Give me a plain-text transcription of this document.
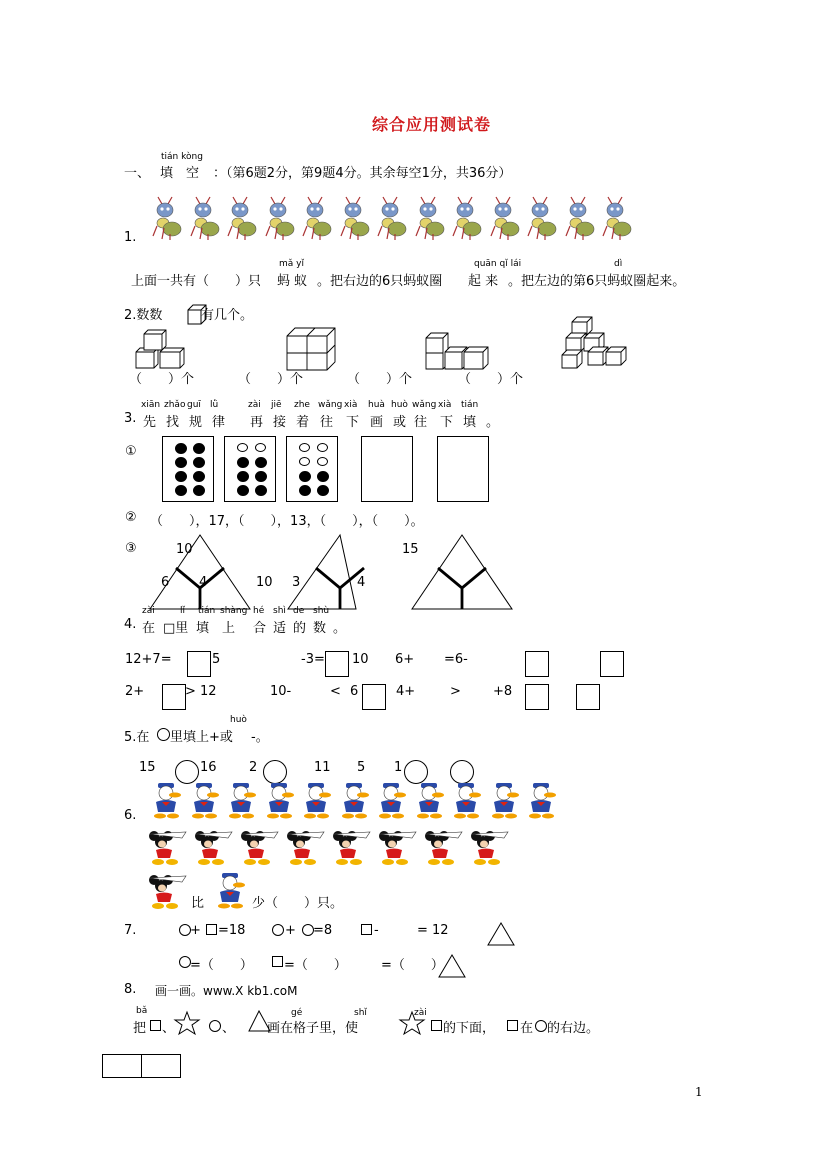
综合应用测试卷
一、
tián kòng
填　空 ：（第6题2分，第9题4分。其余每空1分，共36分）
1.
mǎ yǐ	quān qǐ lái	dì
上面一共有（　　）只 蚂 蚁 。把右边的6只蚂蚁圈 起 来 。把左边的第6只蚂蚁圈起来。
2.数数	有几个。
（　　）个	（　　）个	（　　）个	（　　）个
xiān zhǎo guī lǜ	zài jiē zhe wǎng xià huà huò wǎng xià tián
3. 先 找 规 律 再 接 着 往 下 画 或 往 下 填 。
①
② （　　），17，（　　），13，（　　），（　　）。
③	10
6 4	10 3	4
15
zài	lǐ tián shàng hé shì de shù
4. 在 □里 填 上 合 适 的 数 。
12+7=	5	-3= 10 6+ =6-
2+	> 12	10-	< 6	4+	> +8
huò
5.在 里填上+或 -。
15	16 2	11 5 1
6.
比	少（　　）只。
7.	+ =18	+ =8	-	= 12
=（　　） =（　　）	=（　　）
8. 画一画。www.X kb1.coM
bǎ	gé	shǐ	zài
把 、	、 画在格子里，使	的下面， 在 的右边。
1
